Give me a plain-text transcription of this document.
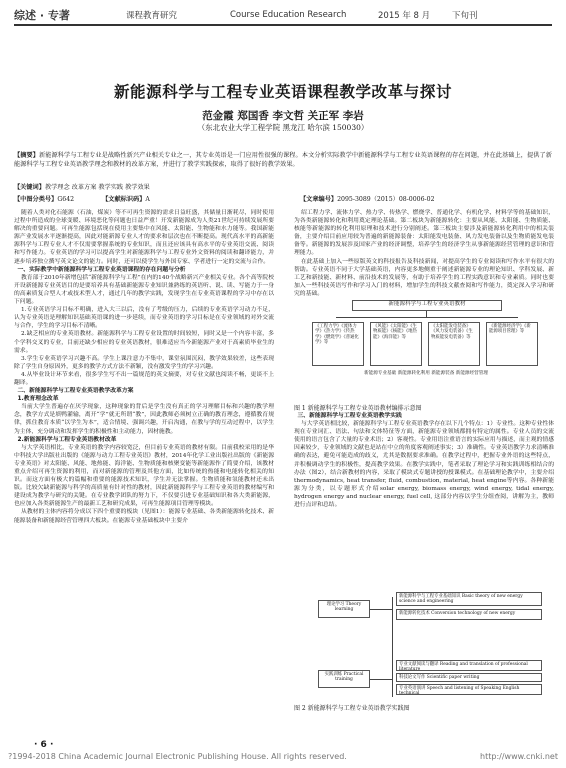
综述 · 专著	课程教育研究	Course Education Research	2015 年 8 月	下旬刊
新能源科学与工程专业英语课程教学改革与探讨
范金霞 郑国香 李文哲 关正军 李岩
（东北农业大学工程学院 黑龙江 哈尔滨 150030）
【摘要】新能源科学与工程专业是战略性新兴产业相关专业之一，其专业英语是一门应用性很强的课程。本文分析实际教学中新能源科学与工程专业英语课程的存在问题，并在此基础上，提供了新能源科学与工程专业英语教学理念和教材的改革方案，并进行了教学实践探索，取得了很好的教学效果。
【关键词】教学理念 改革方案 教学实践 教学效果
【中图分类号】G642	【文献标识码】A	【文章编号】2095-3089（2015）08-0006-02

随着人类对化石能源（石油，煤炭）等不可再生资源的需求日益旺盛，其储量日渐耗尽，同时使用过程中所造成的全球变暖、环境恶化等问题也日益严重！开发新能源成为人类21世纪可持续发展所要解决的重要问题。可再生能源包括现在使用主要集中在风能、太阳能、生物能和水力能等。我国新能源产业发展水平逐渐提高，因此对能新源专业人才的要求和层次也在不断提高。现代高水平的高新能源科学与工程专业人才不仅需要掌握系统的专业知识，而且还应该具有高水平的专业英语交流、阅读和写作能力。专业英语的学习可以提高学生对新能源科学与工程专业外文资料的阅读和翻译能力，并逐步培养独立撰写英文论文的能力。同时，还可以使学生与外国专家、学者进行一定的交流与合作。

一、实际教学中新能源科学与工程专业英语课程的存在问题与分析

教育部于2010年新增包括“新能源科学与工程”在内的140个战略新兴产业相关专业。各个高等院校开设新能源专业英语目的是要培养具有基础新能源专业知识兼熟练的英语听、说、读、写能力于一身的高素质复合型人才或技术型人才，通过几年的教学实践，发现学生在专业英语课程的学习中存在以下问题。

1.专业英语学习目标不明确，进入大三以后，没有了考级的压力，后续的专业英语学习动力不足，认为专业英语是理解知识基础英语课的进一步延续，而专业英语的学习目标是在专业领域的对外交流与合作，学生的学习目标不清晰。

2.缺乏相应的专业英语教材。新能源科学与工程专业设置的时间较短，同时又是一个内容丰富，多个学科交叉的专业，目前还缺少相应的专业英语教材，很难适应当今新能源产业对于高素质毕业生的需求。

3.学生专业英语学习兴趣不高。学生上课注意力不集中，课堂氛围沉闷，教学效果较差，这些表现除了学生自身原因外，更多的教学方式方法不新颖，没有激发学生的学习兴趣。

4.从毕业设计环节来看，很多学生写不出一篇规范的英文摘要，对专业文献也阅读不畅，更谈不上翻译。

二、新能源科学与工程专业英语教学改革方案

1.教育理念改革

当前大学生普遍存在厌学现象，这种现象的背后是学生没有真正的学习理解目标和兴趣的教学理念，教学方式是填鸭灌输，离开“学”就无所谓“教”，因此教师必须树立正确的教育理念，遵循教育规律，抓住教育本质“以学生为本”，适合情境、强调兴趣，开启沟通，在教与学的互动过程中，以学生为主体，充分调动和发挥学生的积极性和主动能力，因材施教。

2.新能源科学与工程专业英语教材改革

与大学英语相比，专业英语的教学内容较宽泛，但目前专业英语的教材有限。目前我校采用的是华中科技大学出版社出版的《能源与动力工程专业英语》教材，2014年化学工业出版社出版的《新能源专业英语》对太阳能、风能、地热能、海洋能、生物质能和核聚变能等新能源作了简要介绍，该教材重点介绍可再生资源的利用，而对新能源的管理及其他方面，比如传统的热能和电能转化相关的知识。而这方面有极大的篇幅和重要的能源技术知识，学生并无法掌握。生物质能和氢能教材还未出版。比较欠缺新能源与科学的高质量有针对性的教材，因此新能源科学与工程专业英语的教材编写和建设成为教学与研究的关键。在专业教学团队的努力下，不仅要引进专业基础知识和各大类新能源，也应加入各类新能源生产的最新工艺和研究成果，可再生能源项目管理等模块。

从教材的主体内容将分成以下四个重要的板块（见图1）：能源专业基础、各类新能源转化技术、新能源装备和新能源经营管理四大板块。在能源专业基础板块中主要介

绍工程力学、流体力学、热力学、传热学、燃烧学、普通化学、有机化学、材料学等的基础知识，为各类新能源转化和利用奠定理论基础。第二板块为新能源转化：主要从风能、太阳能、生物质能、核能等新能源的转化利用原理和技术进行分别阐述。第三板块主要涉及新能源转化利用中的相关装备，主要介绍目前应用较为普遍的新能源装备：太阳能发电装备、风力发电装备以及生物质能发电装备等。新能源的发展涉及国家产业的经济调整，培养学生的经济学生从事新能源经营管理的意识和管理能力。

在此基础上加入一些原版英文的科技报告及科技新闻，对提高学生的专业阅读和写作水平有很大的帮助。专业英语不同于大学基础英语，内容更多地侧重于阐述新能源专业的理论知识、学科发展、新工艺和新技能、新材料、前沿技术的发展等，有助于培养学生的工程实践意识和专业素质。同时也要加入一些科技英语写作和学习入门的材料，增加学生的科技文献查阅和写作能力，奠定深入学习和研究的基础。

新能源科学与工程专业英语教材
《工程力学》《流体力学》《热力学》《传热学》《燃烧学》《普通化学》等
《风能》《太阳能》《生物质能》《核能》《地热能》《海洋能》等
《太阳能发电装备》《风力发电装备》《生物质能发电装备》等
《新能源经济学》《新能源项目管理》等
新能源专业基础 新能源转化利用 新能源装备 新能源经营管理
图 1 新能源科学与工程专业英语教材编排示意图

三、新能源科学与工程专业英语教学实践

与大学英语相比较，新能源科学与工程专业英语教学存在以下几个特点：1）专业性。这种专业性体现在专业词汇、语法、句法和文体特征等方面，新能源专业领域都拥有特定的属性。专业人员的交流使用的语言包含了大量的专业术语；2）客观性。专业用语注重语言的实际应用与描述，而主观的情感因素较少，专业领域的文献也是站在中立的角度客观阐述事实；3）准确性。专业英语教学力求清晰准确的表达，避免可能造成的歧义，尤其是数据要求准确。在教学过程中，把握专业外语的这些特点，并积极调动学生的积极性，提高教学效果。在教学实践中，笔者采取了理论学习和实践训练相结合的办法（图2），结合新教材的内容，采取了模块式专题讲授的授课模式。在基础理论教学中，主要介绍thermodynamics, heat transfer, fluid, combustion, material, heat engine等内容。各种新能源为分类，以专题形式介绍solar energy, biomass energy, wind energy, tidal energy, hydrogen energy and nuclear energy, fuel cell, 这部分内容以学生分组查阅，讲解为主，教师进行点评和总结。

理论学习 Theory learning
实践训练 Practical training
新能源科学与工程专业基础知识 Basic theory of new energy science and engineering
新能源转化技术 Conversion technology of new energy
专业文献阅读与翻译 Reading and translation of professional literature
科技论文写作 Scientific paper writing
专业英语演讲 Speech and listening of Speaking English technical
图 2 新能源科学与工程专业英语教学实践图
· 6 ·
?1994-2018 China Academic Journal Electronic Publishing House. All rights reserved.	http://www.cnki.net
